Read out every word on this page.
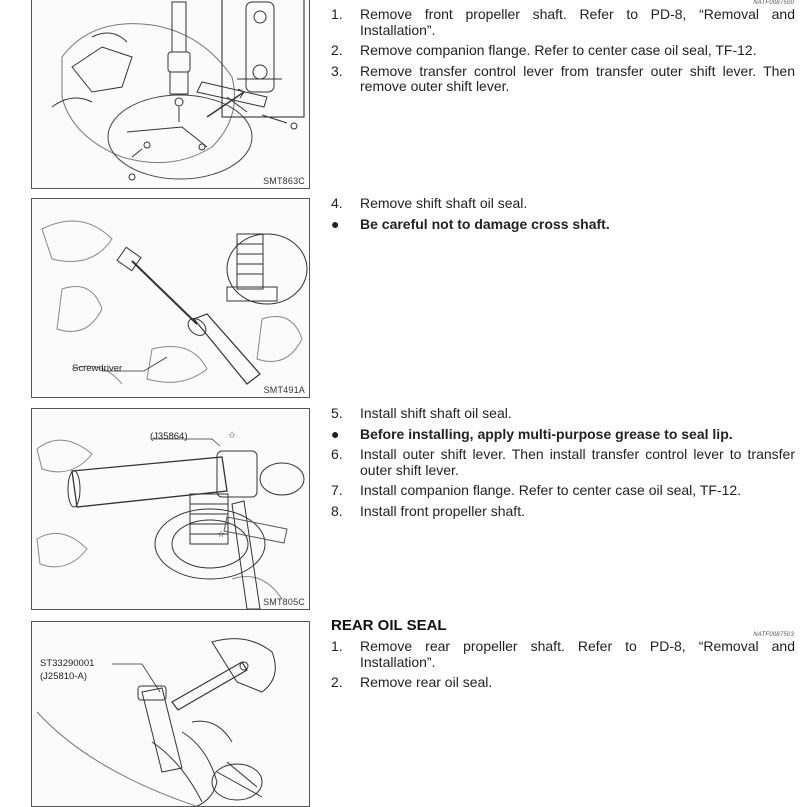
SMT863C
Screwdriver
SMT491A
☆
☆
(J35864)
SMT805C
ST33290001
(J25810-A)
NATF0087500
NATF0087503
1.	Remove front propeller shaft. Refer to PD-8, “Removal and Installation”.
2.	Remove companion flange. Refer to center case oil seal, TF-12.
3.	Remove transfer control lever from transfer outer shift lever. Then remove outer shift lever.
4.	Remove shift shaft oil seal.
●	Be careful not to damage cross shaft.
5.	Install shift shaft oil seal.
●	Before installing, apply multi-purpose grease to seal lip.
6.	Install outer shift lever. Then install transfer control lever to transfer outer shift lever.
7.	Install companion flange. Refer to center case oil seal, TF-12.
8.	Install front propeller shaft.
REAR OIL SEAL
1.	Remove rear propeller shaft. Refer to PD-8, “Removal and Installation”.
2.	Remove rear oil seal.
